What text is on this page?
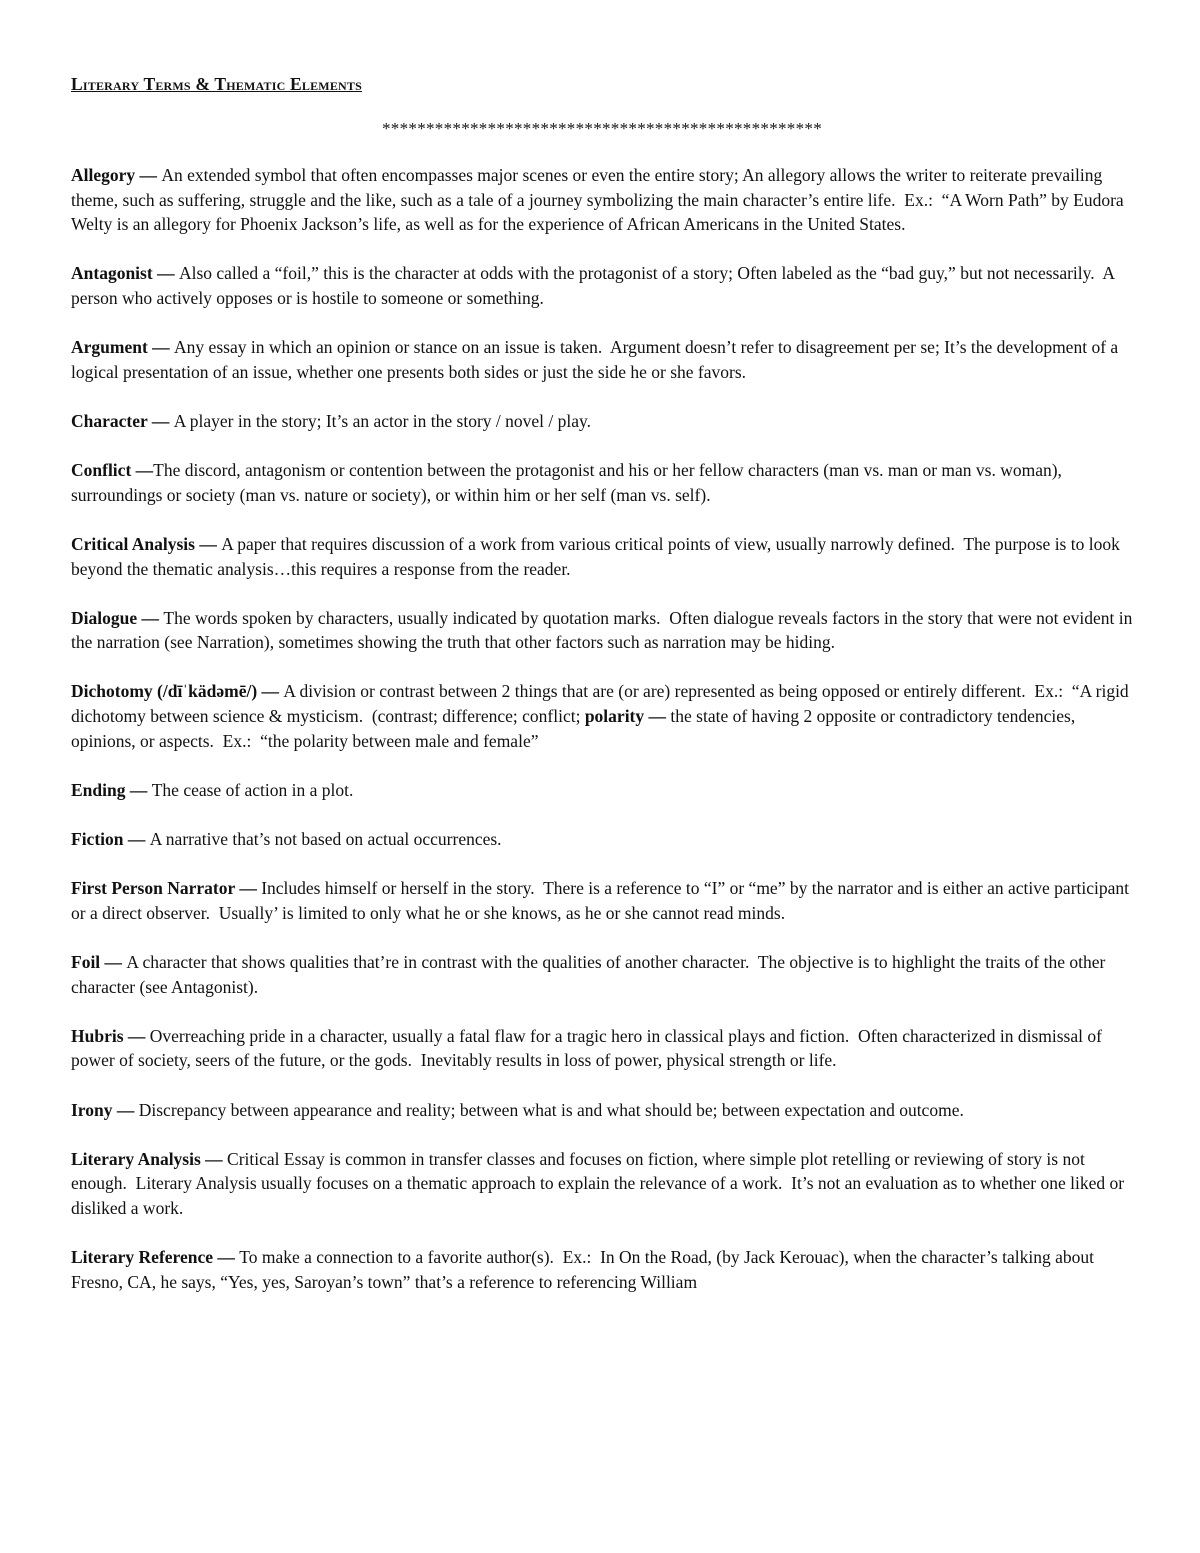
Literary Terms & Thematic Elements
**************************************************

Allegory — An extended symbol that often encompasses major scenes or even the entire story; An allegory allows the writer to reiterate prevailing theme, such as suffering, struggle and the like, such as a tale of a journey symbolizing the main character’s entire life.  Ex.:  “A Worn Path” by Eudora Welty is an allegory for Phoenix Jackson’s life, as well as for the experience of African Americans in the United States.

Antagonist — Also called a “foil,” this is the character at odds with the protagonist of a story; Often labeled as the “bad guy,” but not necessarily.  A person who actively opposes or is hostile to someone or something.

Argument — Any essay in which an opinion or stance on an issue is taken.  Argument doesn’t refer to disagreement per se; It’s the development of a logical presentation of an issue, whether one presents both sides or just the side he or she favors.

Character — A player in the story; It’s an actor in the story / novel / play.

Conflict —The discord, antagonism or contention between the protagonist and his or her fellow characters (man vs. man or man vs. woman), surroundings or society (man vs. nature or society), or within him or her self (man vs. self).

Critical Analysis — A paper that requires discussion of a work from various critical points of view, usually narrowly defined.  The purpose is to look beyond the thematic analysis…this requires a response from the reader.

Dialogue — The words spoken by characters, usually indicated by quotation marks.  Often dialogue reveals factors in the story that were not evident in the narration (see Narration), sometimes showing the truth that other factors such as narration may be hiding.

Dichotomy (/dīˈkädəmē/) — A division or contrast between 2 things that are (or are) represented as being opposed or entirely different.  Ex.:  “A rigid dichotomy between science & mysticism.  (contrast; difference; conflict; polarity — the state of having 2 opposite or contradictory tendencies, opinions, or aspects.  Ex.:  “the polarity between male and female”

Ending — The cease of action in a plot.

Fiction — A narrative that’s not based on actual occurrences.

First Person Narrator — Includes himself or herself in the story.  There is a reference to “I” or “me” by the narrator and is either an active participant or a direct observer.  Usually’ is limited to only what he or she knows, as he or she cannot read minds.

Foil — A character that shows qualities that’re in contrast with the qualities of another character.  The objective is to highlight the traits of the other character (see Antagonist).

Hubris — Overreaching pride in a character, usually a fatal flaw for a tragic hero in classical plays and fiction.  Often characterized in dismissal of power of society, seers of the future, or the gods.  Inevitably results in loss of power, physical strength or life.

Irony — Discrepancy between appearance and reality; between what is and what should be; between expectation and outcome.

Literary Analysis — Critical Essay is common in transfer classes and focuses on fiction, where simple plot retelling or reviewing of story is not enough.  Literary Analysis usually focuses on a thematic approach to explain the relevance of a work.  It’s not an evaluation as to whether one liked or disliked a work.

Literary Reference — To make a connection to a favorite author(s).  Ex.:  In On the Road, (by Jack Kerouac), when the character’s talking about Fresno, CA, he says, “Yes, yes, Saroyan’s town” that’s a reference to referencing William
